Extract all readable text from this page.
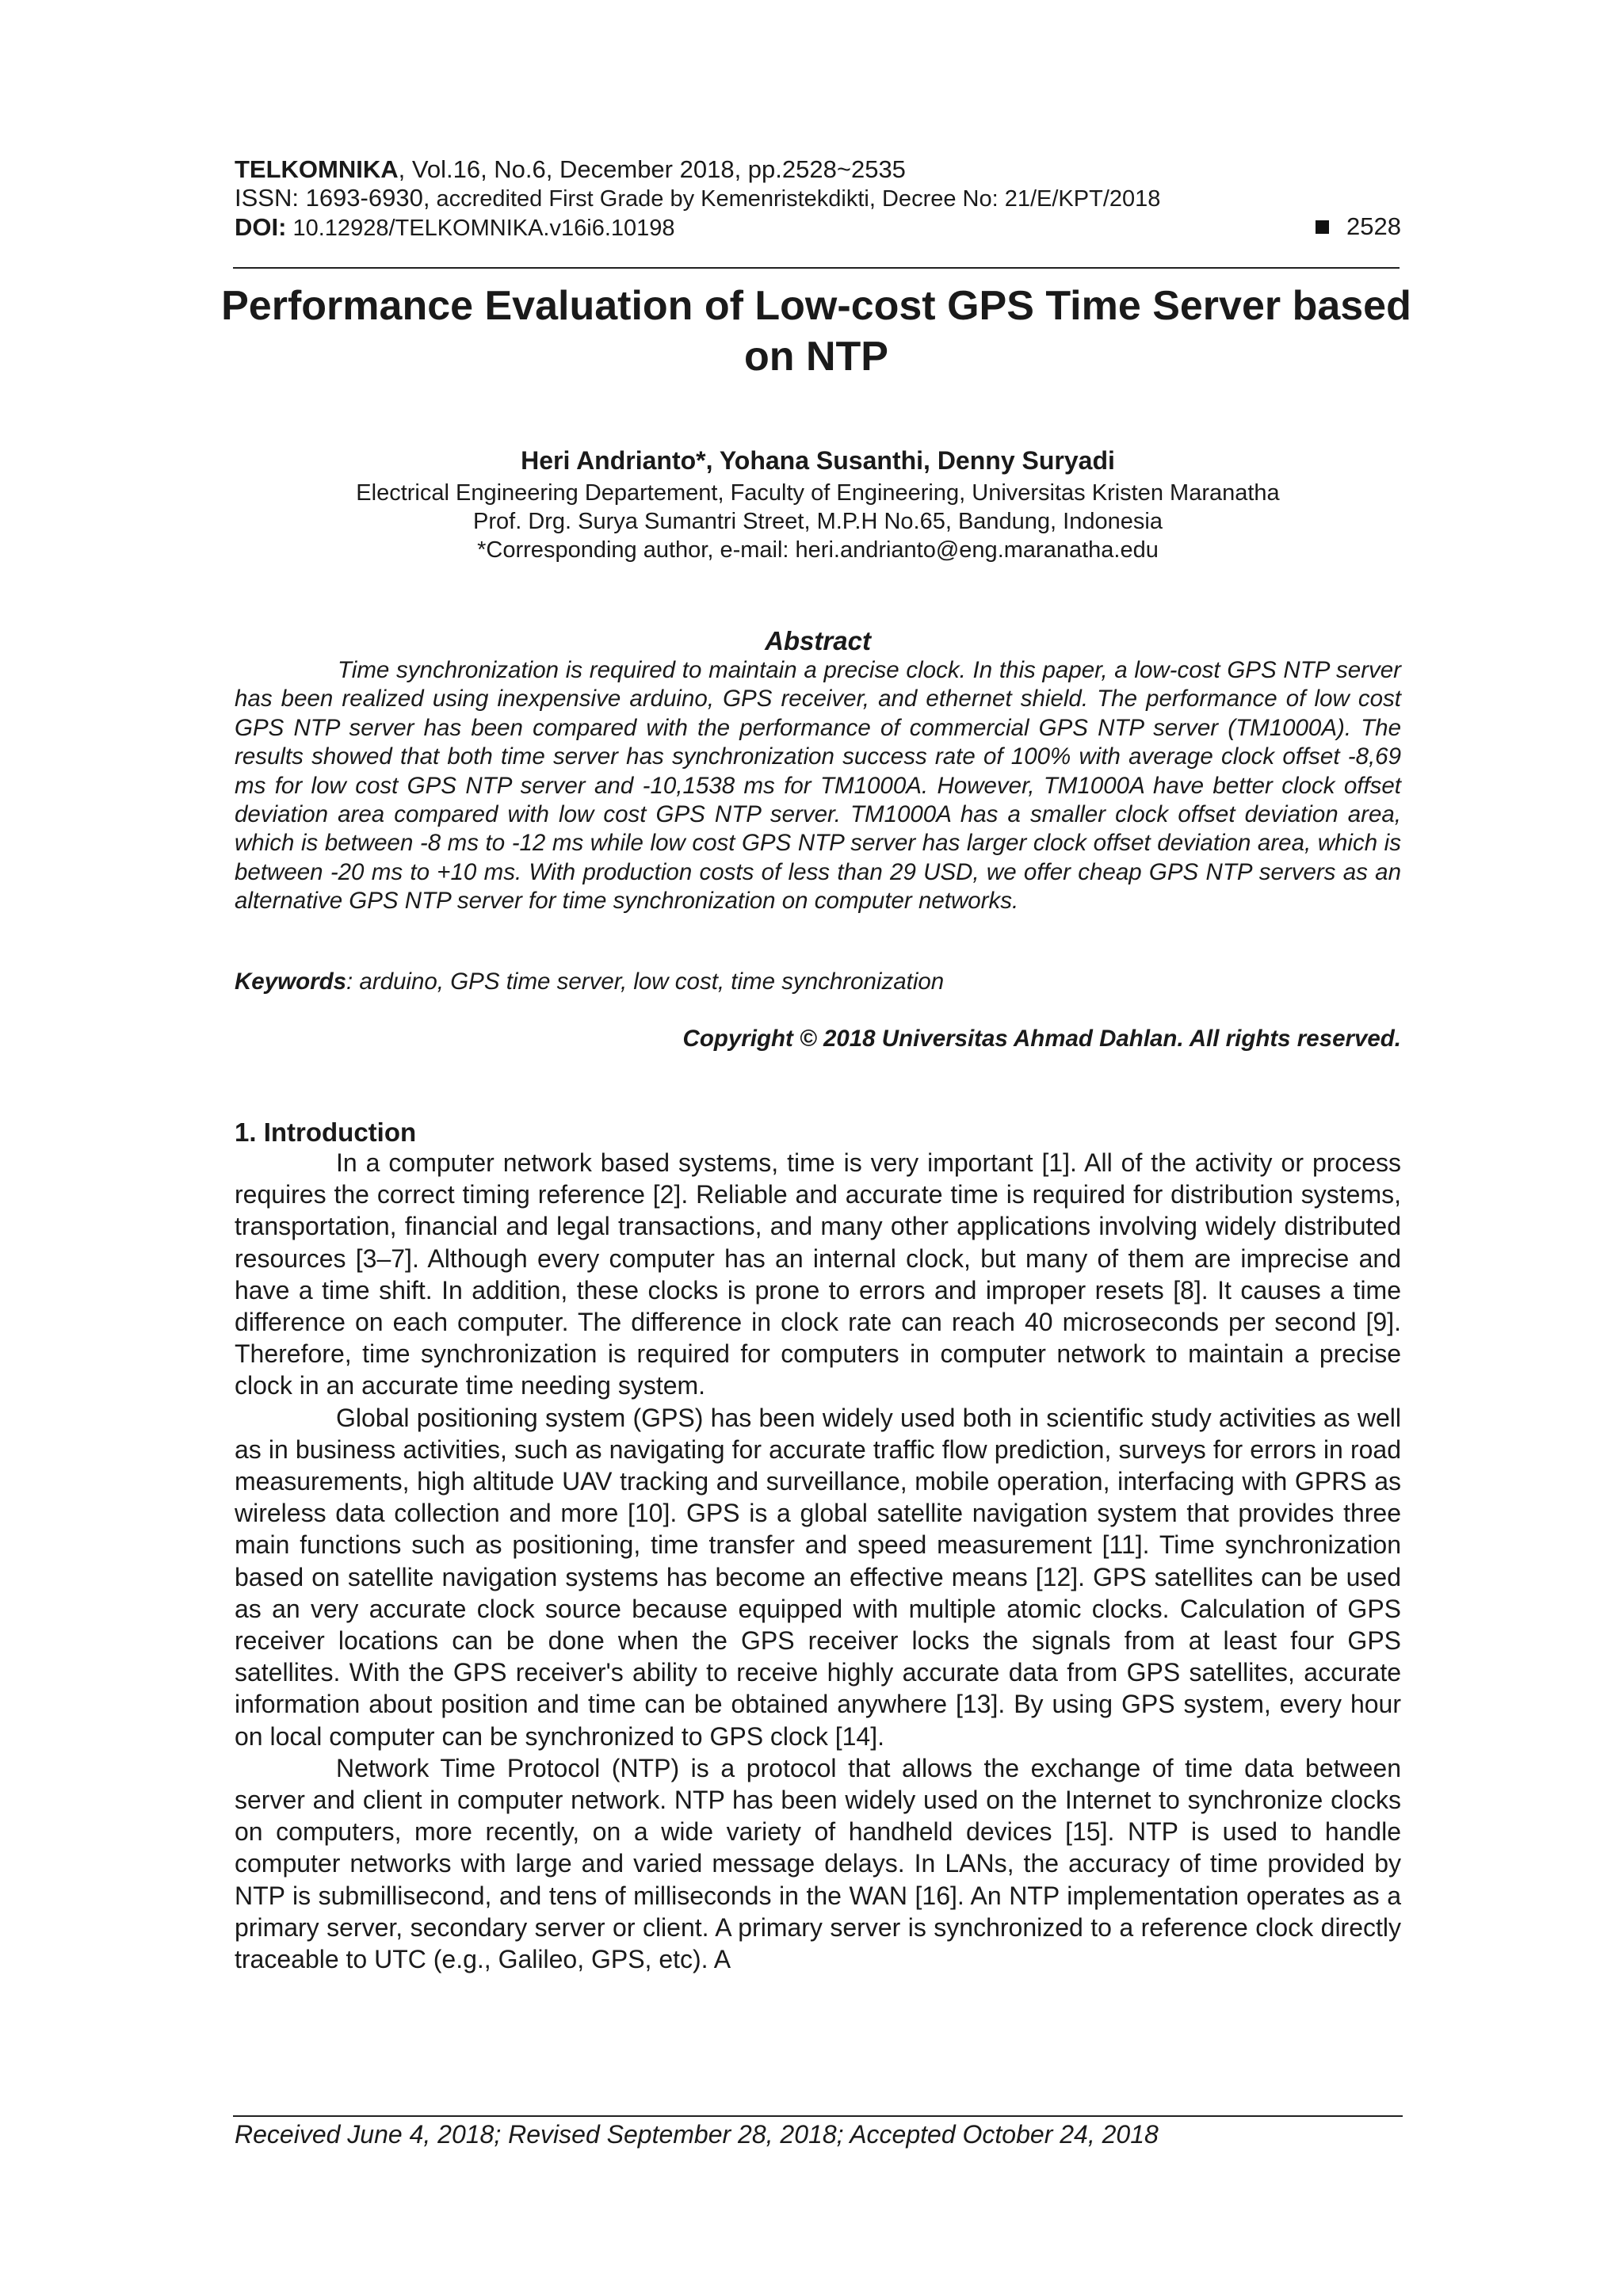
TELKOMNIKA, Vol.16, No.6, December 2018, pp.2528~2535
ISSN: 1693-6930, accredited First Grade by Kemenristekdikti, Decree No: 21/E/KPT/2018
DOI: 10.12928/TELKOMNIKA.v16i6.10198	2528
Performance Evaluation of Low-cost GPS Time Server based on NTP
Heri Andrianto*, Yohana Susanthi, Denny Suryadi
Electrical Engineering Departement, Faculty of Engineering, Universitas Kristen Maranatha
Prof. Drg. Surya Sumantri Street, M.P.H No.65, Bandung, Indonesia
*Corresponding author, e-mail: heri.andrianto@eng.maranatha.edu
Abstract
Time synchronization is required to maintain a precise clock. In this paper, a low-cost GPS NTP server has been realized using inexpensive arduino, GPS receiver, and ethernet shield. The performance of low cost GPS NTP server has been compared with the performance of commercial GPS NTP server (TM1000A). The results showed that both time server has synchronization success rate of 100% with average clock offset -8,69 ms for low cost GPS NTP server and -10,1538 ms for TM1000A. However, TM1000A have better clock offset deviation area compared with low cost GPS NTP server. TM1000A has a smaller clock offset deviation area, which is between -8 ms to -12 ms while low cost GPS NTP server has larger clock offset deviation area, which is between -20 ms to +10 ms. With production costs of less than 29 USD, we offer cheap GPS NTP servers as an alternative GPS NTP server for time synchronization on computer networks.
Keywords: arduino, GPS time server, low cost, time synchronization
Copyright © 2018 Universitas Ahmad Dahlan. All rights reserved.
1. Introduction

In a computer network based systems, time is very important [1]. All of the activity or process requires the correct timing reference [2]. Reliable and accurate time is required for distribution systems, transportation, financial and legal transactions, and many other applications involving widely distributed resources [3–7]. Although every computer has an internal clock, but many of them are imprecise and have a time shift. In addition, these clocks is prone to errors and improper resets [8]. It causes a time difference on each computer. The difference in clock rate can reach 40 microseconds per second [9]. Therefore, time synchronization is required for computers in computer network to maintain a precise clock in an accurate time needing system.

Global positioning system (GPS) has been widely used both in scientific study activities as well as in business activities, such as navigating for accurate traffic flow prediction, surveys for errors in road measurements, high altitude UAV tracking and surveillance, mobile operation, interfacing with GPRS as wireless data collection and more [10]. GPS is a global satellite navigation system that provides three main functions such as positioning, time transfer and speed measurement [11]. Time synchronization based on satellite navigation systems has become an effective means [12]. GPS satellites can be used as an very accurate clock source because equipped with multiple atomic clocks. Calculation of GPS receiver locations can be done when the GPS receiver locks the signals from at least four GPS satellites. With the GPS receiver's ability to receive highly accurate data from GPS satellites, accurate information about position and time can be obtained anywhere [13]. By using GPS system, every hour on local computer can be synchronized to GPS clock [14].

Network Time Protocol (NTP) is a protocol that allows the exchange of time data between server and client in computer network. NTP has been widely used on the Internet to synchronize clocks on computers, more recently, on a wide variety of handheld devices [15]. NTP is used to handle computer networks with large and varied message delays. In LANs, the accuracy of time provided by NTP is submillisecond, and tens of milliseconds in the WAN [16]. An NTP implementation operates as a primary server, secondary server or client. A primary server is synchronized to a reference clock directly traceable to UTC (e.g., Galileo, GPS, etc). A

Received June 4, 2018; Revised September 28, 2018; Accepted October 24, 2018
